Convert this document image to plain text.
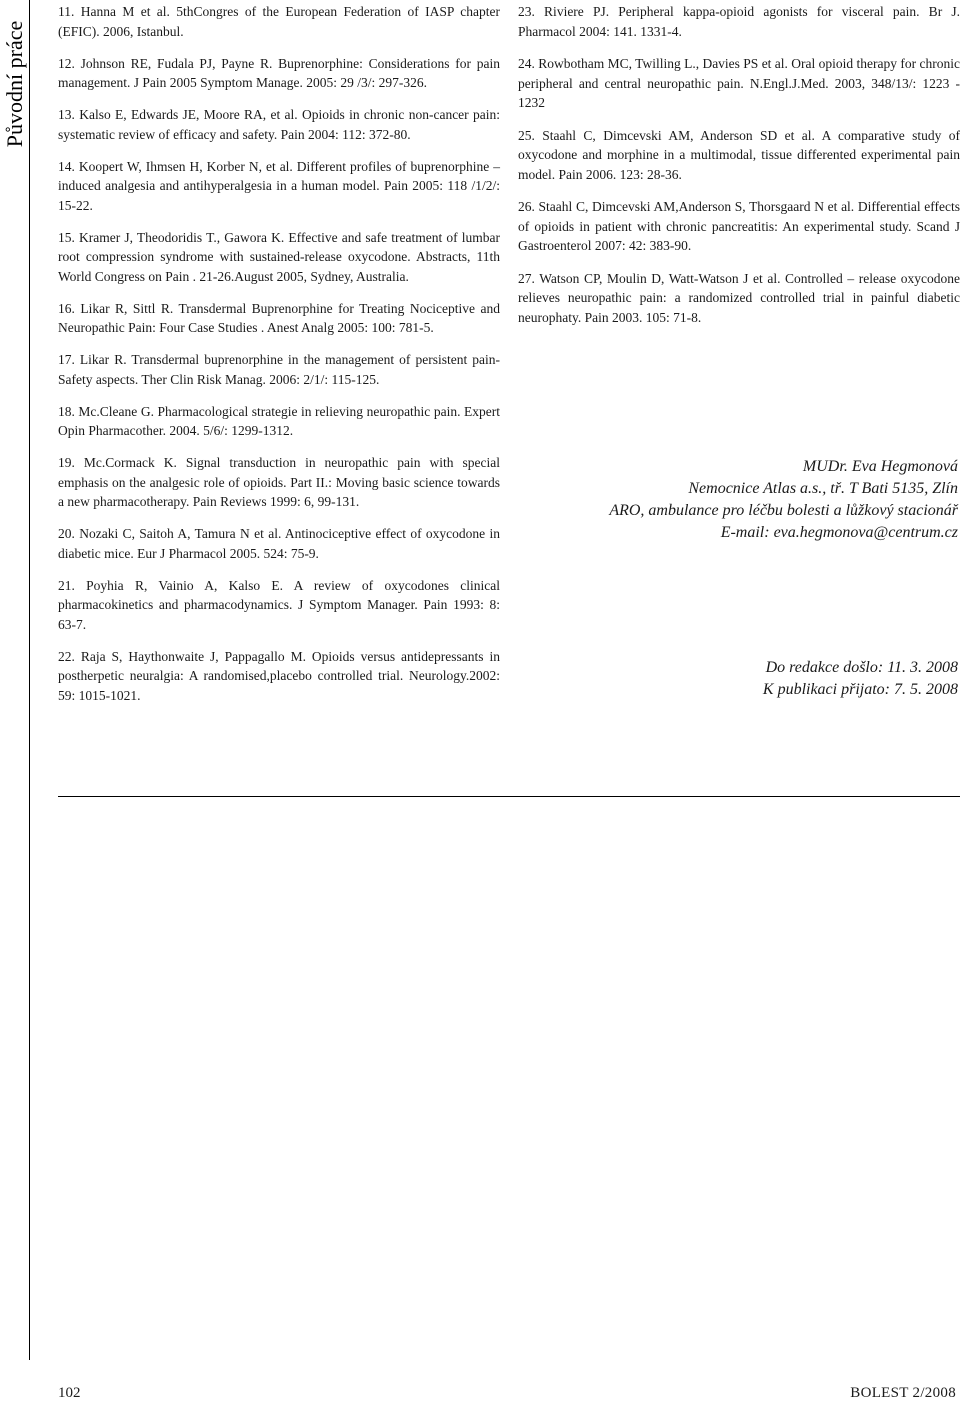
Původní práce

11. Hanna M et al. 5thCongres of the European Federation of IASP chapter (EFIC). 2006, Istanbul.

12. Johnson RE, Fudala PJ, Payne R. Buprenorphine: Considerations for pain management. J Pain 2005 Symptom Manage. 2005: 29 /3/: 297-326.

13. Kalso E, Edwards JE, Moore RA, et al. Opioids in chronic non-cancer pain: systematic review of efficacy and safety. Pain 2004: 112: 372-80.

14. Koopert W, Ihmsen H, Korber N, et al. Different profiles of buprenorphine – induced analgesia and antihyperalgesia in a human model. Pain 2005: 118 /1/2/: 15-22.

15. Kramer J, Theodoridis T., Gawora K. Effective and safe treatment of lumbar root compression syndrome with sustained-release oxycodone. Abstracts, 11th World Congress on Pain . 21-26.August 2005, Sydney, Australia.

16. Likar R, Sittl R. Transdermal Buprenorphine for Treating Nociceptive and Neuropathic Pain: Four Case Studies . Anest Analg 2005: 100: 781-5.

17. Likar R. Transdermal buprenorphine in the management of persistent pain-Safety aspects. Ther Clin Risk Manag. 2006: 2/1/: 115-125.

18. Mc.Cleane G. Pharmacological strategie in relieving neuropathic pain. Expert Opin Pharmacother. 2004. 5/6/: 1299-1312.

19. Mc.Cormack K. Signal transduction in neuropathic pain with special emphasis on the analgesic role of opioids. Part II.: Moving basic science towards a new pharmacotherapy. Pain Reviews 1999: 6, 99-131.

20. Nozaki C, Saitoh A, Tamura N et al. Antinociceptive effect of oxycodone in diabetic mice. Eur J Pharmacol 2005. 524: 75-9.

21. Poyhia R, Vainio A, Kalso E. A review of oxycodones clinical pharmacokinetics and pharmacodynamics. J Symptom Manager. Pain 1993: 8: 63-7.

22. Raja S, Haythonwaite J, Pappagallo M. Opioids versus antidepressants in postherpetic neuralgia: A randomised,placebo controlled trial. Neurology.2002: 59: 1015-1021.

23. Riviere PJ. Peripheral kappa-opioid agonists for visceral pain. Br J. Pharmacol 2004: 141. 1331-4.

24. Rowbotham MC, Twilling L., Davies PS et al. Oral opioid therapy for chronic peripheral and central neuropathic pain. N.Engl.J.Med. 2003, 348/13/: 1223 - 1232

25. Staahl C, Dimcevski AM, Anderson SD et al. A comparative study of oxycodone and morphine in a multimodal, tissue differented experimental pain model. Pain 2006. 123: 28-36.

26. Staahl C, Dimcevski AM,Anderson S, Thorsgaard N et al. Differential effects of opioids in patient with chronic pancreatitis: An experimental study. Scand J Gastroenterol 2007: 42: 383-90.

27. Watson CP, Moulin D, Watt-Watson J et al. Controlled – release oxycodone relieves neuropathic pain: a randomized controlled trial in painful diabetic neurophaty. Pain 2003. 105: 71-8.

MUDr. Eva Hegmonová
Nemocnice Atlas a.s., tř. T Bati 5135, Zlín
ARO, ambulance pro léčbu bolesti a lůžkový stacionář
E-mail: eva.hegmonova@centrum.cz
Do redakce došlo: 11. 3. 2008
K publikaci přijato: 7. 5. 2008
102	BOLEST 2/2008
